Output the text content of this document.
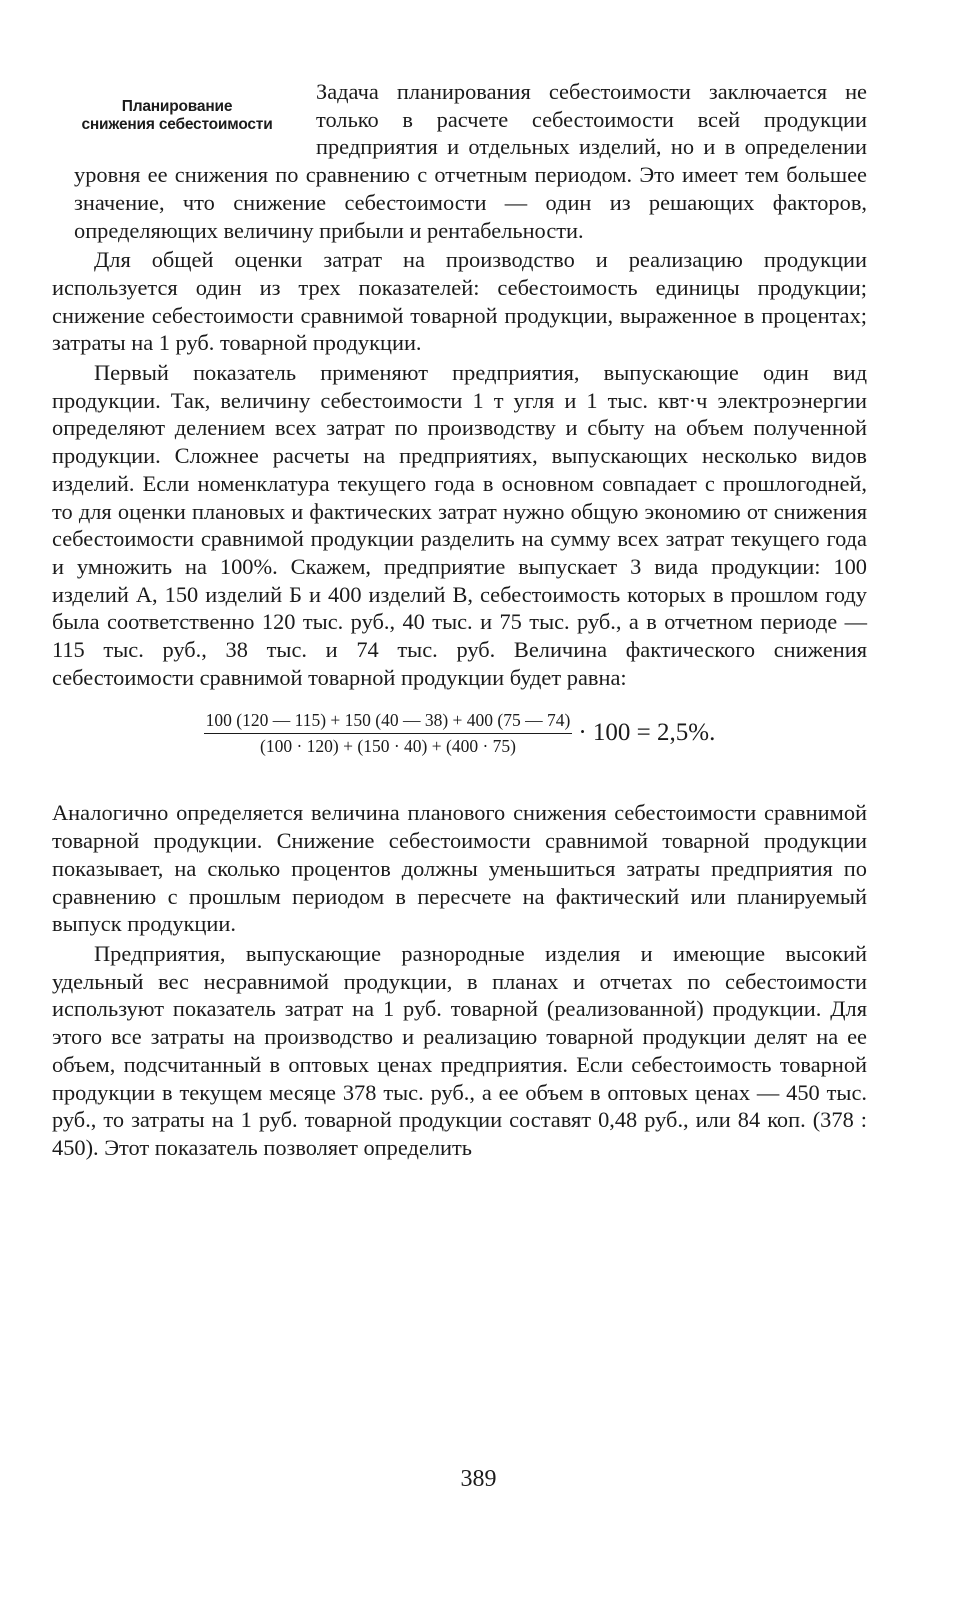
Планирование
снижения себестоимости

Задача планирования себестоимости заключается не только в расчете себестоимости всей продукции предприятия и отдельных изделий, но и в определении уровня ее снижения по сравнению с отчетным периодом. Это имеет тем большее значение, что снижение себестоимости — один из решающих факторов, определяющих величину прибыли и рентабельности.

Для общей оценки затрат на производство и реализацию продукции используется один из трех показателей: себестоимость единицы продукции; снижение себестоимости сравнимой товарной продукции, выраженное в процентах; затраты на 1 руб. товарной продукции.

Первый показатель применяют предприятия, выпускающие один вид продукции. Так, величину себестоимости 1 т угля и 1 тыс. квт·ч электроэнергии определяют делением всех затрат по производству и сбыту на объем полученной продукции. Сложнее расчеты на предприятиях, выпускающих несколько видов изделий. Если номенклатура текущего года в основном совпадает с прошлогодней, то для оценки плановых и фактических затрат нужно общую экономию от снижения себестоимости сравнимой продукции разделить на сумму всех затрат текущего года и умножить на 100%. Скажем, предприятие выпускает 3 вида продукции: 100 изделий А, 150 изделий Б и 400 изделий В, себестоимость которых в прошлом году была соответственно 120 тыс. руб., 40 тыс. и 75 тыс. руб., а в отчетном периоде — 115 тыс. руб., 38 тыс. и 74 тыс. руб. Величина фактического снижения себестоимости сравнимой товарной продукции будет равна:

$\frac{100 (120 — 115) + 150 (40 — 38) + 400 (75 — 74)}{(100 \cdot 120) + (150 \cdot 40) + (400 \cdot 75)} \cdot 100 = 2,5\%$.

Аналогично определяется величина планового снижения себестоимости сравнимой товарной продукции. Снижение себестоимости сравнимой товарной продукции показывает, на сколько процентов должны уменьшиться затраты предприятия по сравнению с прошлым периодом в пересчете на фактический или планируемый выпуск продукции.

Предприятия, выпускающие разнородные изделия и имеющие высокий удельный вес несравнимой продукции, в планах и отчетах по себестоимости используют показатель затрат на 1 руб. товарной (реализованной) продукции. Для этого все затраты на производство и реализацию товарной продукции делят на ее объем, подсчитанный в оптовых ценах предприятия. Если себестоимость товарной продукции в текущем месяце 378 тыс. руб., а ее объем в оптовых ценах — 450 тыс. руб., то затраты на 1 руб. товарной продукции составят 0,48 руб., или 84 коп. (378 : 450). Этот показатель позволяет определить

389
